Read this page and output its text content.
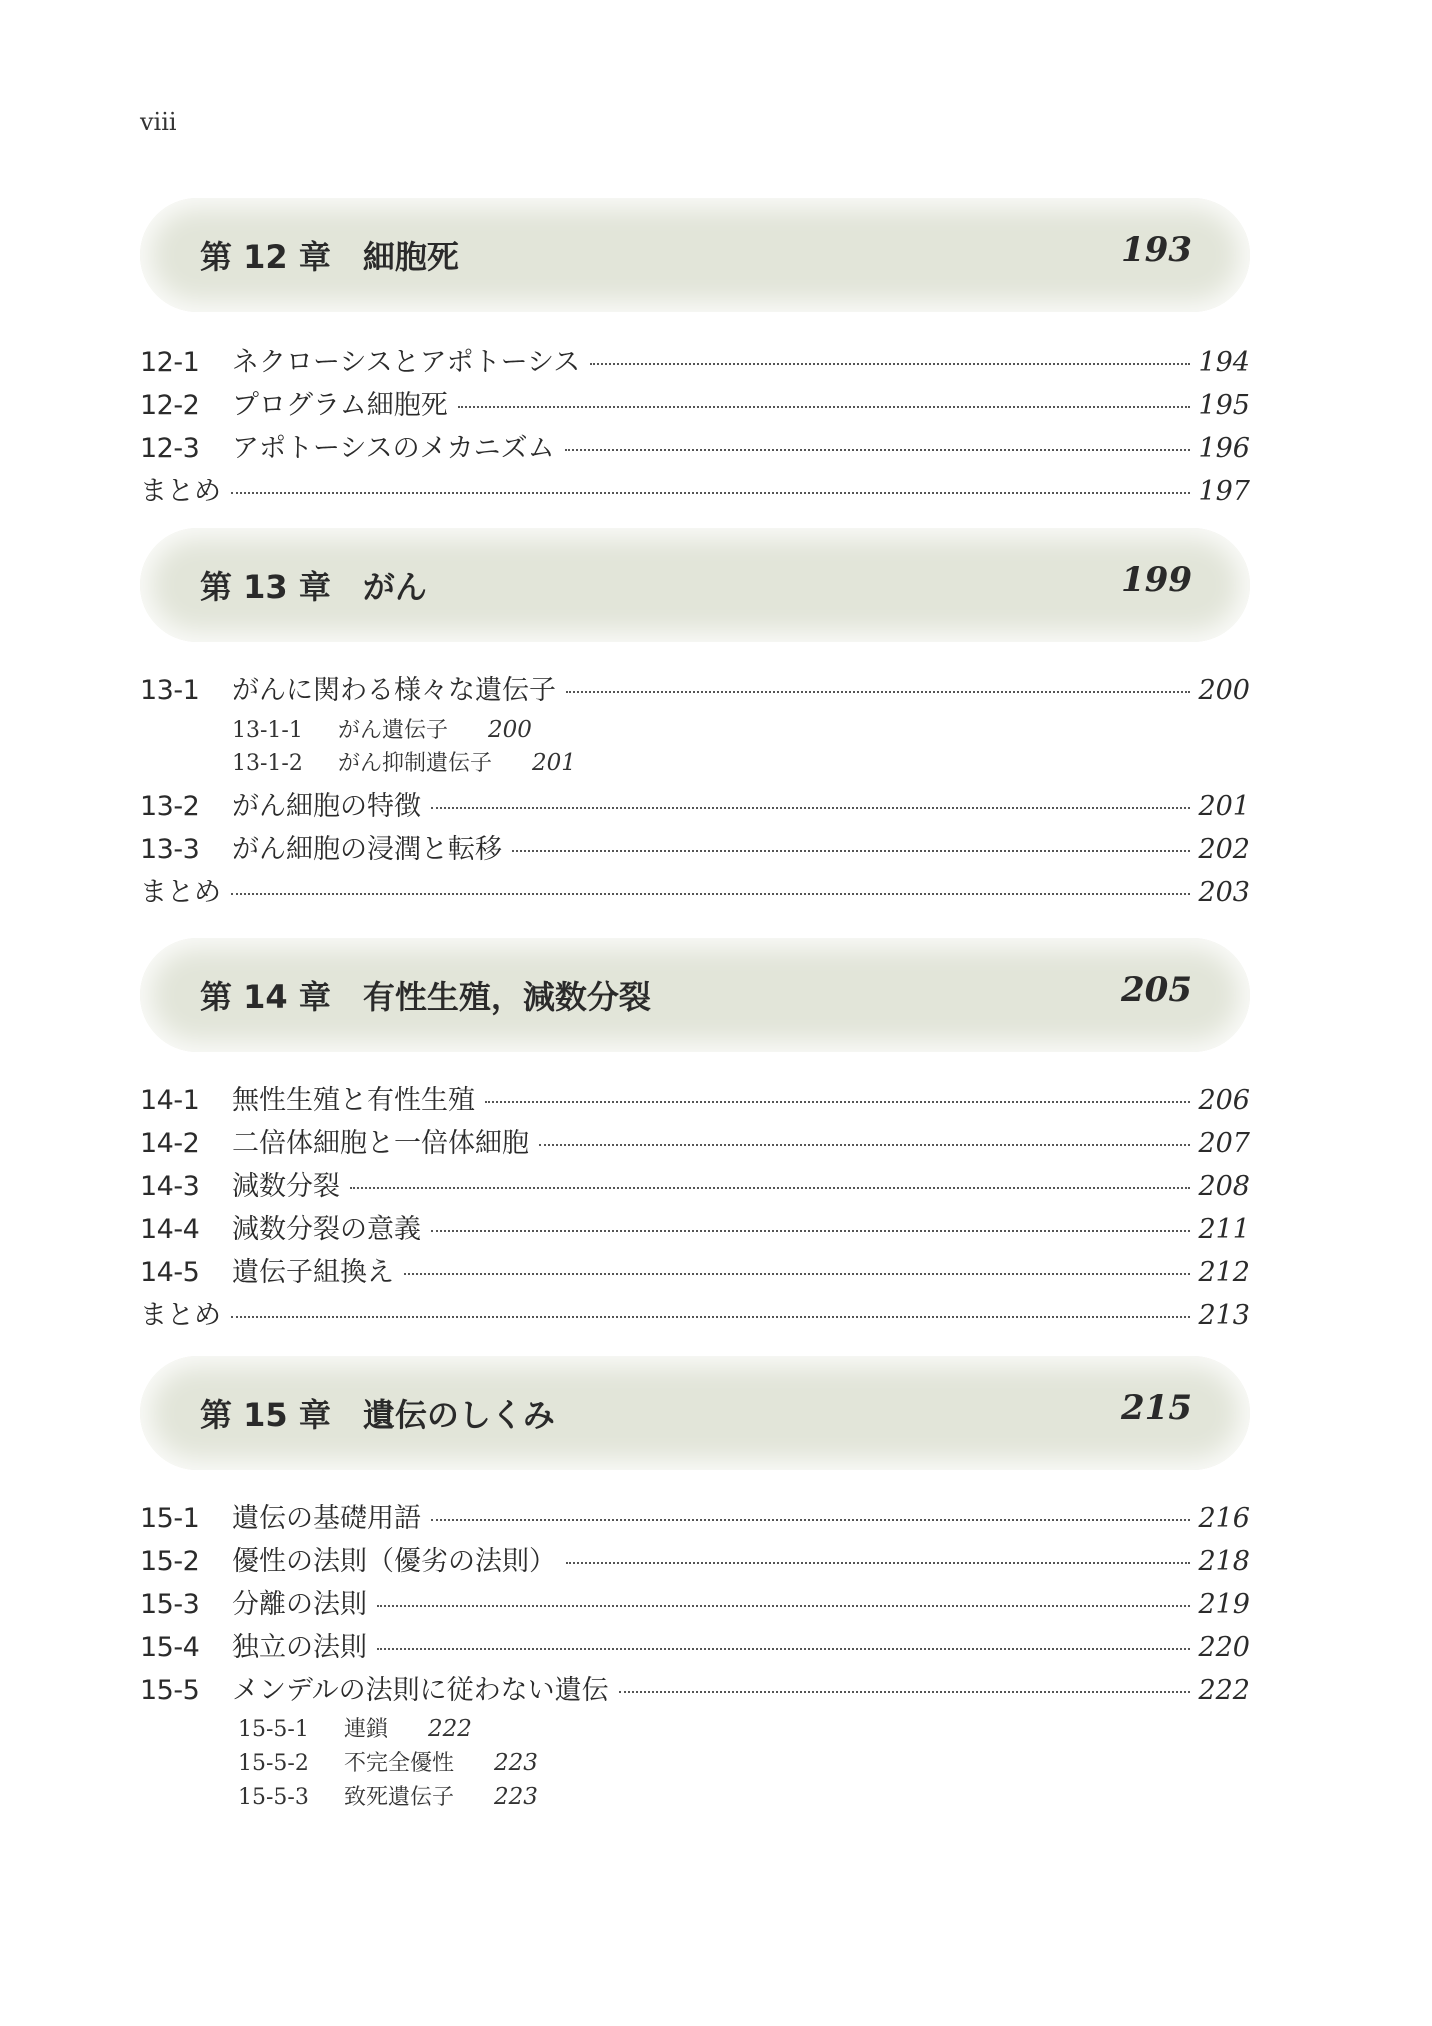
viii
第 12 章 細胞死	193
12-1	ネクローシスとアポトーシス	194
12-2	プログラム細胞死	195
12-3	アポトーシスのメカニズム	196
まとめ	197
第 13 章 がん	199
13-1	がんに関わる様々な遺伝子	200
13-1-1 がん遺伝子 200
13-1-2 がん抑制遺伝子 201
13-2	がん細胞の特徴	201
13-3	がん細胞の浸潤と転移	202
まとめ	203
第 14 章 有性生殖，減数分裂	205
14-1	無性生殖と有性生殖	206
14-2	二倍体細胞と一倍体細胞	207
14-3	減数分裂	208
14-4	減数分裂の意義	211
14-5	遺伝子組換え	212
まとめ	213
第 15 章 遺伝のしくみ	215
15-1	遺伝の基礎用語	216
15-2	優性の法則（優劣の法則）	218
15-3	分離の法則	219
15-4	独立の法則	220
15-5	メンデルの法則に従わない遺伝	222
15-5-1 連鎖 222
15-5-2 不完全優性 223
15-5-3 致死遺伝子 223
